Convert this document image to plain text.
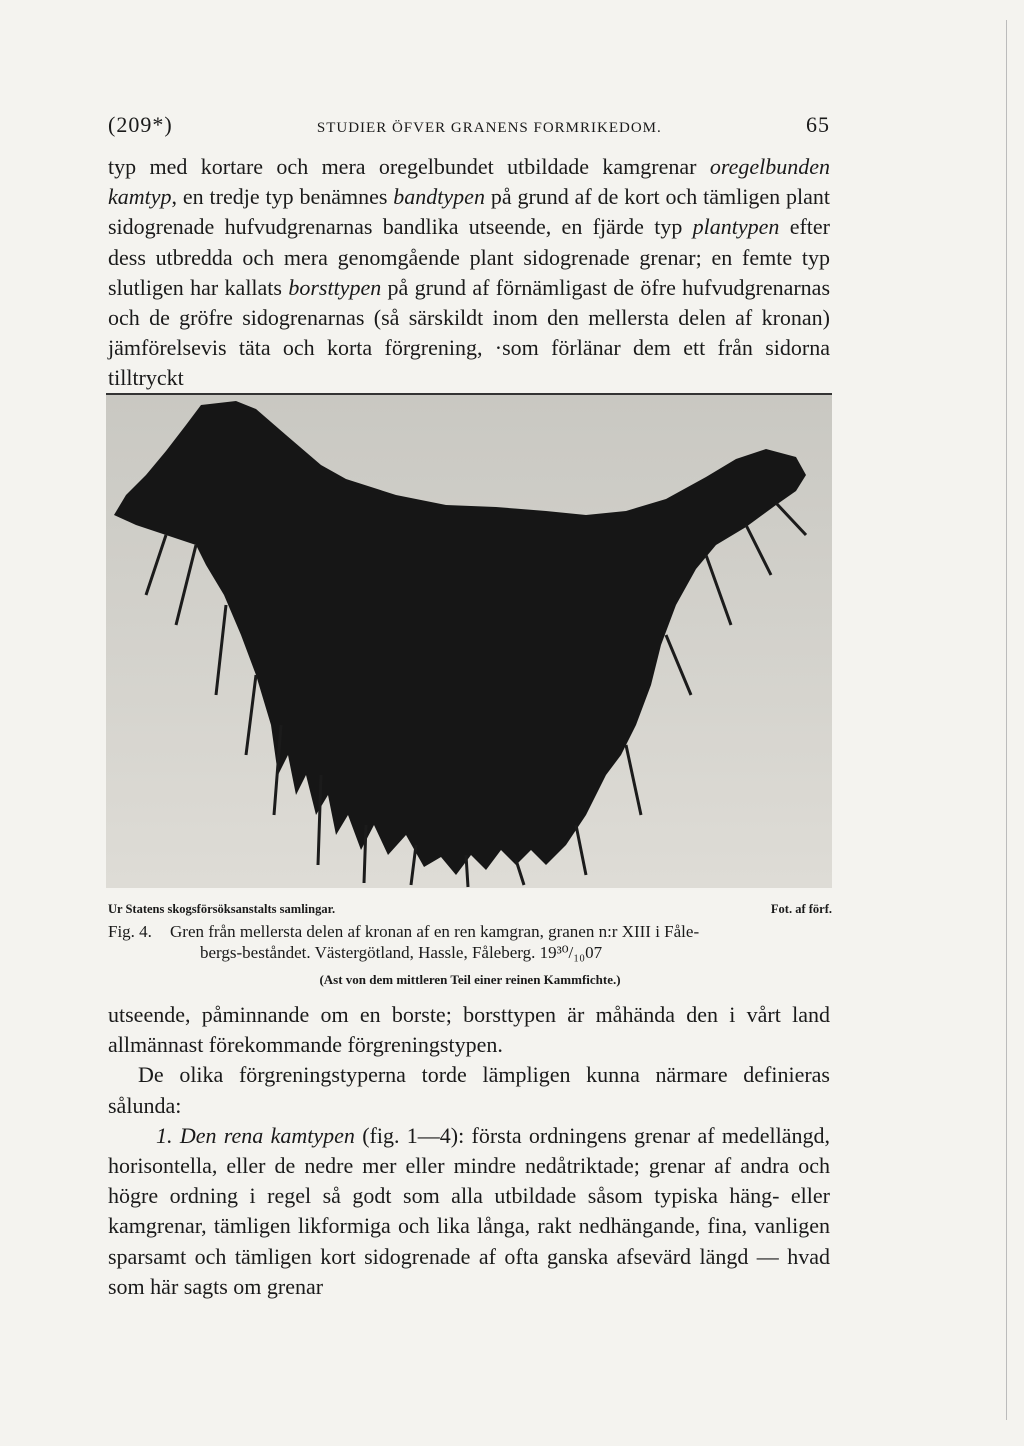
(209*)	STUDIER ÖFVER GRANENS FORMRIKEDOM.	65

typ med kortare och mera oregelbundet utbildade kamgrenar oregelbunden kamtyp, en tredje typ benämnes bandtypen på grund af de kort och tämligen plant sidogrenade hufvudgrenarnas bandlika utseende, en fjärde typ plantypen efter dess utbredda och mera genomgående plant sidogrenade grenar; en femte typ slutligen har kallats borsttypen på grund af förnämligast de öfre hufvudgrenarnas och de gröfre sidogrenarnas (så särskildt inom den mellersta delen af kronan) jämförelsevis täta och korta förgrening, ·som förlänar dem ett från sidorna tilltryckt

Ur Statens skogsförsöksanstalts samlingar.	Fot. af förf.
Fig. 4.	Gren från mellersta delen af kronan af en ren kamgran, granen n:r XIII i Fåle-
bergs-beståndet. Västergötland, Hassle, Fåleberg. 19³⁰/₁₀07
(Ast von dem mittleren Teil einer reinen Kammfichte.)

utseende, påminnande om en borste; borsttypen är måhända den i vårt land allmännast förekommande förgreningstypen.

De olika förgreningstyperna torde lämpligen kunna närmare definieras sålunda:

1. Den rena kamtypen (fig. 1—4): första ordningens grenar af medellängd, horisontella, eller de nedre mer eller mindre nedåtriktade; grenar af andra och högre ordning i regel så godt som alla utbildade såsom typiska häng- eller kamgrenar, tämligen likformiga och lika långa, rakt nedhängande, fina, vanligen sparsamt och tämligen kort sidogrenade af ofta ganska afsevärd längd — hvad som här sagts om grenar
